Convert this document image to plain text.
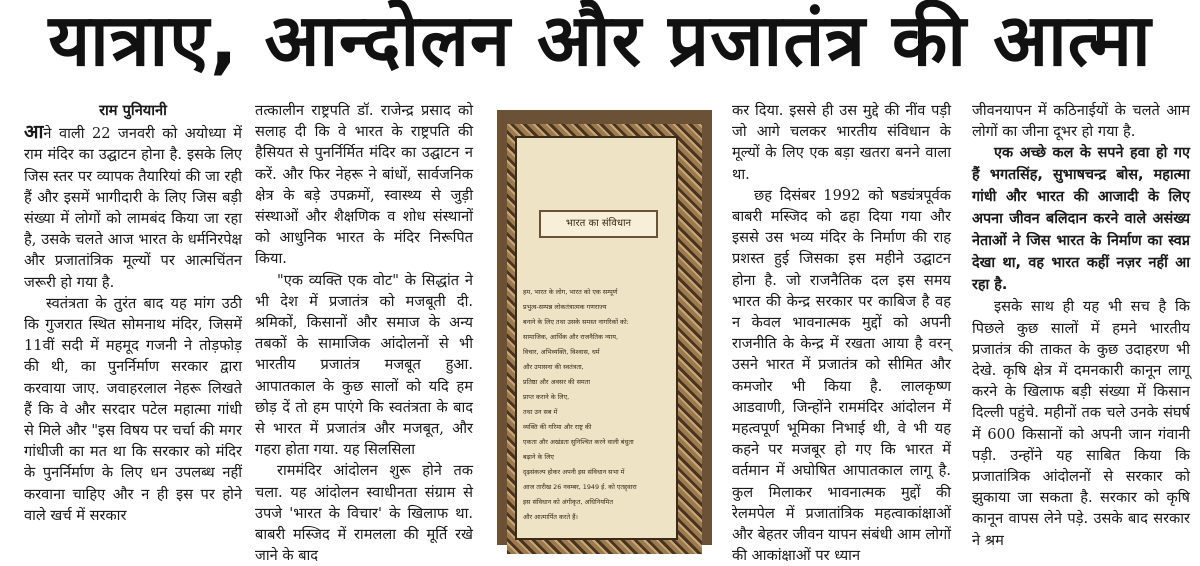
यात्राए, आन्दोलन और प्रजातंत्र की आत्मा
राम पुनियानी

आने वाली 22 जनवरी को अयोध्या में राम मंदिर का उद्घाटन होना है. इसके लिए जिस स्तर पर व्यापक तैयारियां की जा रही हैं और इसमें भागीदारी के लिए जिस बड़ी संख्या में लोगों को लामबंद किया जा रहा है, उसके चलते आज भारत के धर्मनिरपेक्ष और प्रजातांत्रिक मूल्यों पर आत्मचिंतन जरूरी हो गया है.

स्वतंत्रता के तुरंत बाद यह मांग उठी कि गुजरात स्थित सोमनाथ मंदिर, जिसमें 11वीं सदी में महमूद गजनी ने तोड़फोड़ की थी, का पुनर्निर्माण सरकार द्वारा करवाया जाए. जवाहरलाल नेहरू लिखते हैं कि वे और सरदार पटेल महात्मा गांधी से मिले और "इस विषय पर चर्चा की मगर गांधीजी का मत था कि सरकार को मंदिर के पुनर्निर्माण के लिए धन उपलब्ध नहीं करवाना चाहिए और न ही इस पर होने वाले खर्च में सरकार

तत्कालीन राष्ट्रपति डॉ. राजेन्द्र प्रसाद को सलाह दी कि वे भारत के राष्ट्रपति की हैसियत से पुनर्निर्मित मंदिर का उद्घाटन न करें. और फिर नेहरू ने बांधों, सार्वजनिक क्षेत्र के बड़े उपक्रमों, स्वास्थ्य से जुड़ी संस्थाओं और शैक्षणिक व शोध संस्थानों को आधुनिक भारत के मंदिर निरूपित किया.

"एक व्यक्ति एक वोट" के सिद्धांत ने भी देश में प्रजातंत्र को मजबूती दी. श्रमिकों, किसानों और समाज के अन्य तबकों के सामाजिक आंदोलनों से भी भारतीय प्रजातंत्र मजबूत हुआ. आपातकाल के कुछ सालों को यदि हम छोड़ दें तो हम पाएंगे कि स्वतंत्रता के बाद से भारत में प्रजातंत्र और मजबूत, और गहरा होता गया. यह सिलसिला

राममंदिर आंदोलन शुरू होने तक चला. यह आंदोलन स्वाधीनता संग्राम से उपजे 'भारत के विचार' के खिलाफ था. बाबरी मस्जिद में रामलला की मूर्ति रखे जाने के बाद

भारत का संविधान
हम, भारत के लोग, भारत को एक सम्पूर्ण
प्रभुत्व-सम्पन्न लोकतंत्रात्मक गणराज्य
बनाने के लिए तथा उसके समस्त नागरिकों को:
सामाजिक, आर्थिक और राजनैतिक न्याय,
विचार, अभिव्यक्ति, विश्वास, धर्म
और उपासना की स्वतंत्रता,
प्रतिष्ठा और अवसर की समता
प्राप्त कराने के लिए,
तथा उन सब में
व्यक्ति की गरिमा और राष्ट्र की
एकता और अखंडता सुनिश्चित करने वाली बंधुता
बढ़ाने के लिए
दृढ़संकल्प होकर अपनी इस संविधान सभा में
आज तारीख 26 नवम्बर, 1949 ई. को एतद्द्वारा
इस संविधान को अंगीकृत, अधिनियमित
और आत्मार्पित करते हैं।

कर दिया. इससे ही उस मुद्दे की नींव पड़ी जो आगे चलकर भारतीय संविधान के मूल्यों के लिए एक बड़ा खतरा बनने वाला था.

छह दिसंबर 1992 को षड्यंत्रपूर्वक बाबरी मस्जिद को ढहा दिया गया और इससे उस भव्य मंदिर के निर्माण की राह प्रशस्त हुई जिसका इस महीने उद्घाटन होना है. जो राजनैतिक दल इस समय भारत की केन्द्र सरकार पर काबिज है वह न केवल भावनात्मक मुद्दों को अपनी राजनीति के केन्द्र में रखता आया है वरन् उसने भारत में प्रजातंत्र को सीमित और कमजोर भी किया है. लालकृष्ण आडवाणी, जिन्होंने राममंदिर आंदोलन में महत्वपूर्ण भूमिका निभाई थी, वे भी यह कहने पर मजबूर हो गए कि भारत में वर्तमान में अघोषित आपातकाल लागू है. कुल मिलाकर भावनात्मक मुद्दों की रेलमपेल में प्रजातांत्रिक महत्वाकांक्षाओं और बेहतर जीवन यापन संबंधी आम लोगों की आकांक्षाओं पर ध्यान

जीवनयापन में कठिनाईयों के चलते आम लोगों का जीना दूभर हो गया है.

एक अच्छे कल के सपने हवा हो गए हैं भगतसिंह, सुभाषचन्द्र बोस, महात्मा गांधी और भारत की आजादी के लिए अपना जीवन बलिदान करने वाले असंख्य नेताओं ने जिस भारत के निर्माण का स्वप्न देखा था, वह भारत कहीं नज़र नहीं आ रहा है.

इसके साथ ही यह भी सच है कि पिछले कुछ सालों में हमने भारतीय प्रजातंत्र की ताकत के कुछ उदाहरण भी देखे. कृषि क्षेत्र में दमनकारी कानून लागू करने के खिलाफ बड़ी संख्या में किसान दिल्ली पहुंचे. महीनों तक चले उनके संघर्ष में 600 किसानों को अपनी जान गंवानी पड़ी. उन्होंने यह साबित किया कि प्रजातांत्रिक आंदोलनों से सरकार को झुकाया जा सकता है. सरकार को कृषि कानून वापस लेने पड़े. उसके बाद सरकार ने श्रम
